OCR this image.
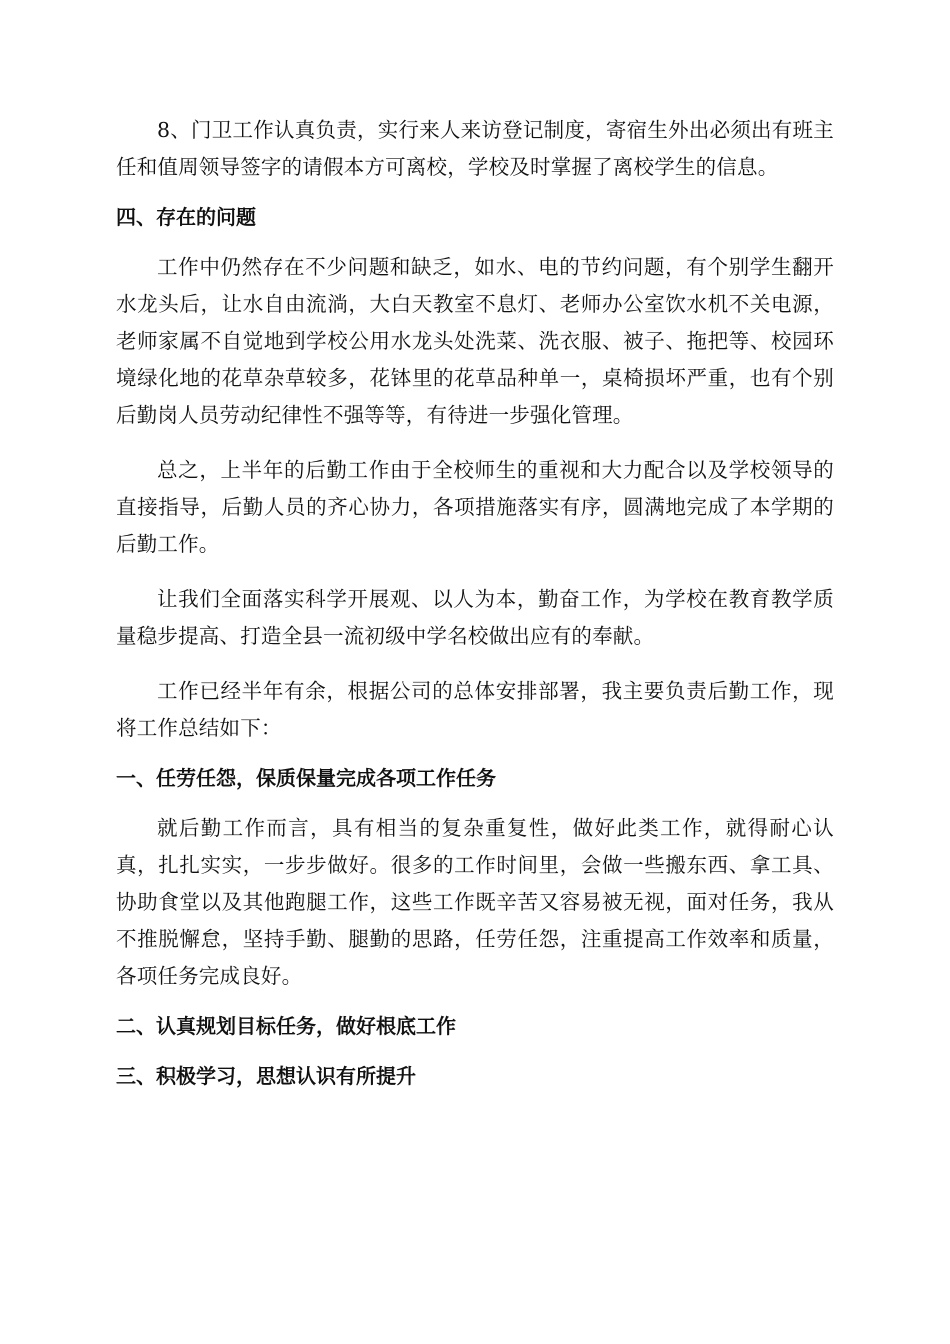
8、门卫工作认真负责，实行来人来访登记制度，寄宿生外出必须出有班主任和值周领导签字的请假本方可离校，学校及时掌握了离校学生的信息。

四、存在的问题

工作中仍然存在不少问题和缺乏，如水、电的节约问题，有个别学生翻开水龙头后，让水自由流淌，大白天教室不息灯、老师办公室饮水机不关电源，老师家属不自觉地到学校公用水龙头处洗菜、洗衣服、被子、拖把等、校园环境绿化地的花草杂草较多，花钵里的花草品种单一，桌椅损坏严重，也有个别后勤岗人员劳动纪律性不强等等，有待进一步强化管理。

总之，上半年的后勤工作由于全校师生的重视和大力配合以及学校领导的直接指导，后勤人员的齐心协力，各项措施落实有序，圆满地完成了本学期的后勤工作。

让我们全面落实科学开展观、以人为本，勤奋工作，为学校在教育教学质量稳步提高、打造全县一流初级中学名校做出应有的奉献。

工作已经半年有余，根据公司的总体安排部署，我主要负责后勤工作，现将工作总结如下：

一、任劳任怨，保质保量完成各项工作任务

就后勤工作而言，具有相当的复杂重复性，做好此类工作，就得耐心认真，扎扎实实，一步步做好。很多的工作时间里，会做一些搬东西、拿工具、协助食堂以及其他跑腿工作，这些工作既辛苦又容易被无视，面对任务，我从不推脱懈怠，坚持手勤、腿勤的思路，任劳任怨，注重提高工作效率和质量，各项任务完成良好。

二、认真规划目标任务，做好根底工作

三、积极学习，思想认识有所提升
